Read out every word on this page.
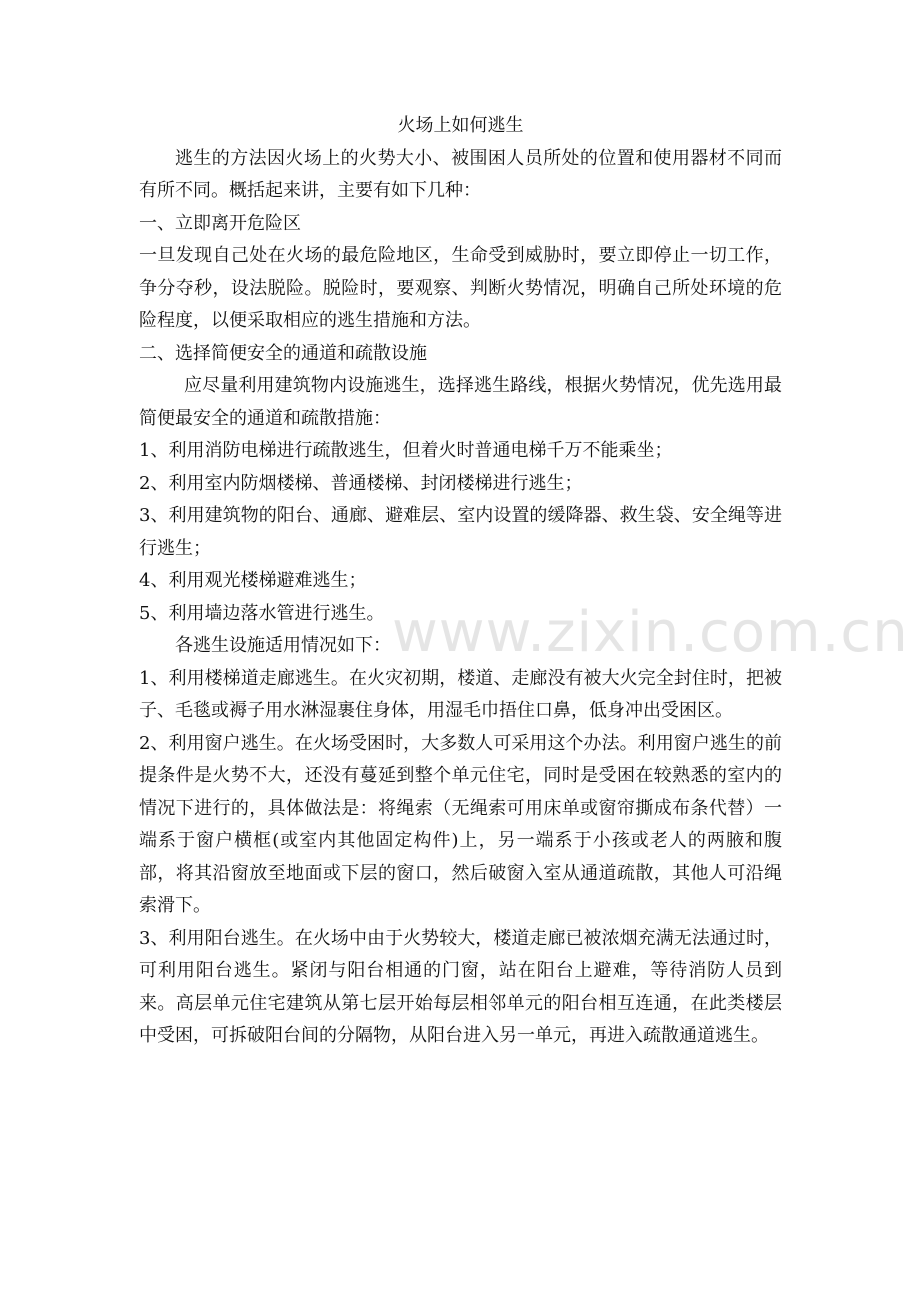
火场上如何逃生

逃生的方法因火场上的火势大小、被围困人员所处的位置和使用器材不同而有所不同。概括起来讲，主要有如下几种：

一、立即离开危险区

一旦发现自己处在火场的最危险地区，生命受到威胁时，要立即停止一切工作，争分夺秒，设法脱险。脱险时，要观察、判断火势情况，明确自己所处环境的危险程度，以便采取相应的逃生措施和方法。

二、选择简便安全的通道和疏散设施

应尽量利用建筑物内设施逃生，选择逃生路线，根据火势情况，优先选用最简便最安全的通道和疏散措施：

1、利用消防电梯进行疏散逃生，但着火时普通电梯千万不能乘坐；

2、利用室内防烟楼梯、普通楼梯、封闭楼梯进行逃生；

3、利用建筑物的阳台、通廊、避难层、室内设置的缓降器、救生袋、安全绳等进行逃生；

4、利用观光楼梯避难逃生；

5、利用墙边落水管进行逃生。

各逃生设施适用情况如下：

1、利用楼梯道走廊逃生。在火灾初期，楼道、走廊没有被大火完全封住时，把被子、毛毯或褥子用水淋湿裹住身体，用湿毛巾捂住口鼻，低身冲出受困区。

2、利用窗户逃生。在火场受困时，大多数人可采用这个办法。利用窗户逃生的前提条件是火势不大，还没有蔓延到整个单元住宅，同时是受困在较熟悉的室内的情况下进行的，具体做法是：将绳索（无绳索可用床单或窗帘撕成布条代替）一端系于窗户横框(或室内其他固定构件)上，另一端系于小孩或老人的两腋和腹部，将其沿窗放至地面或下层的窗口，然后破窗入室从通道疏散，其他人可沿绳索滑下。

3、利用阳台逃生。在火场中由于火势较大，楼道走廊已被浓烟充满无法通过时，可利用阳台逃生。紧闭与阳台相通的门窗，站在阳台上避难，等待消防人员到来。高层单元住宅建筑从第七层开始每层相邻单元的阳台相互连通，在此类楼层中受困，可拆破阳台间的分隔物，从阳台进入另一单元，再进入疏散通道逃生。

www.zixin.com.cn
